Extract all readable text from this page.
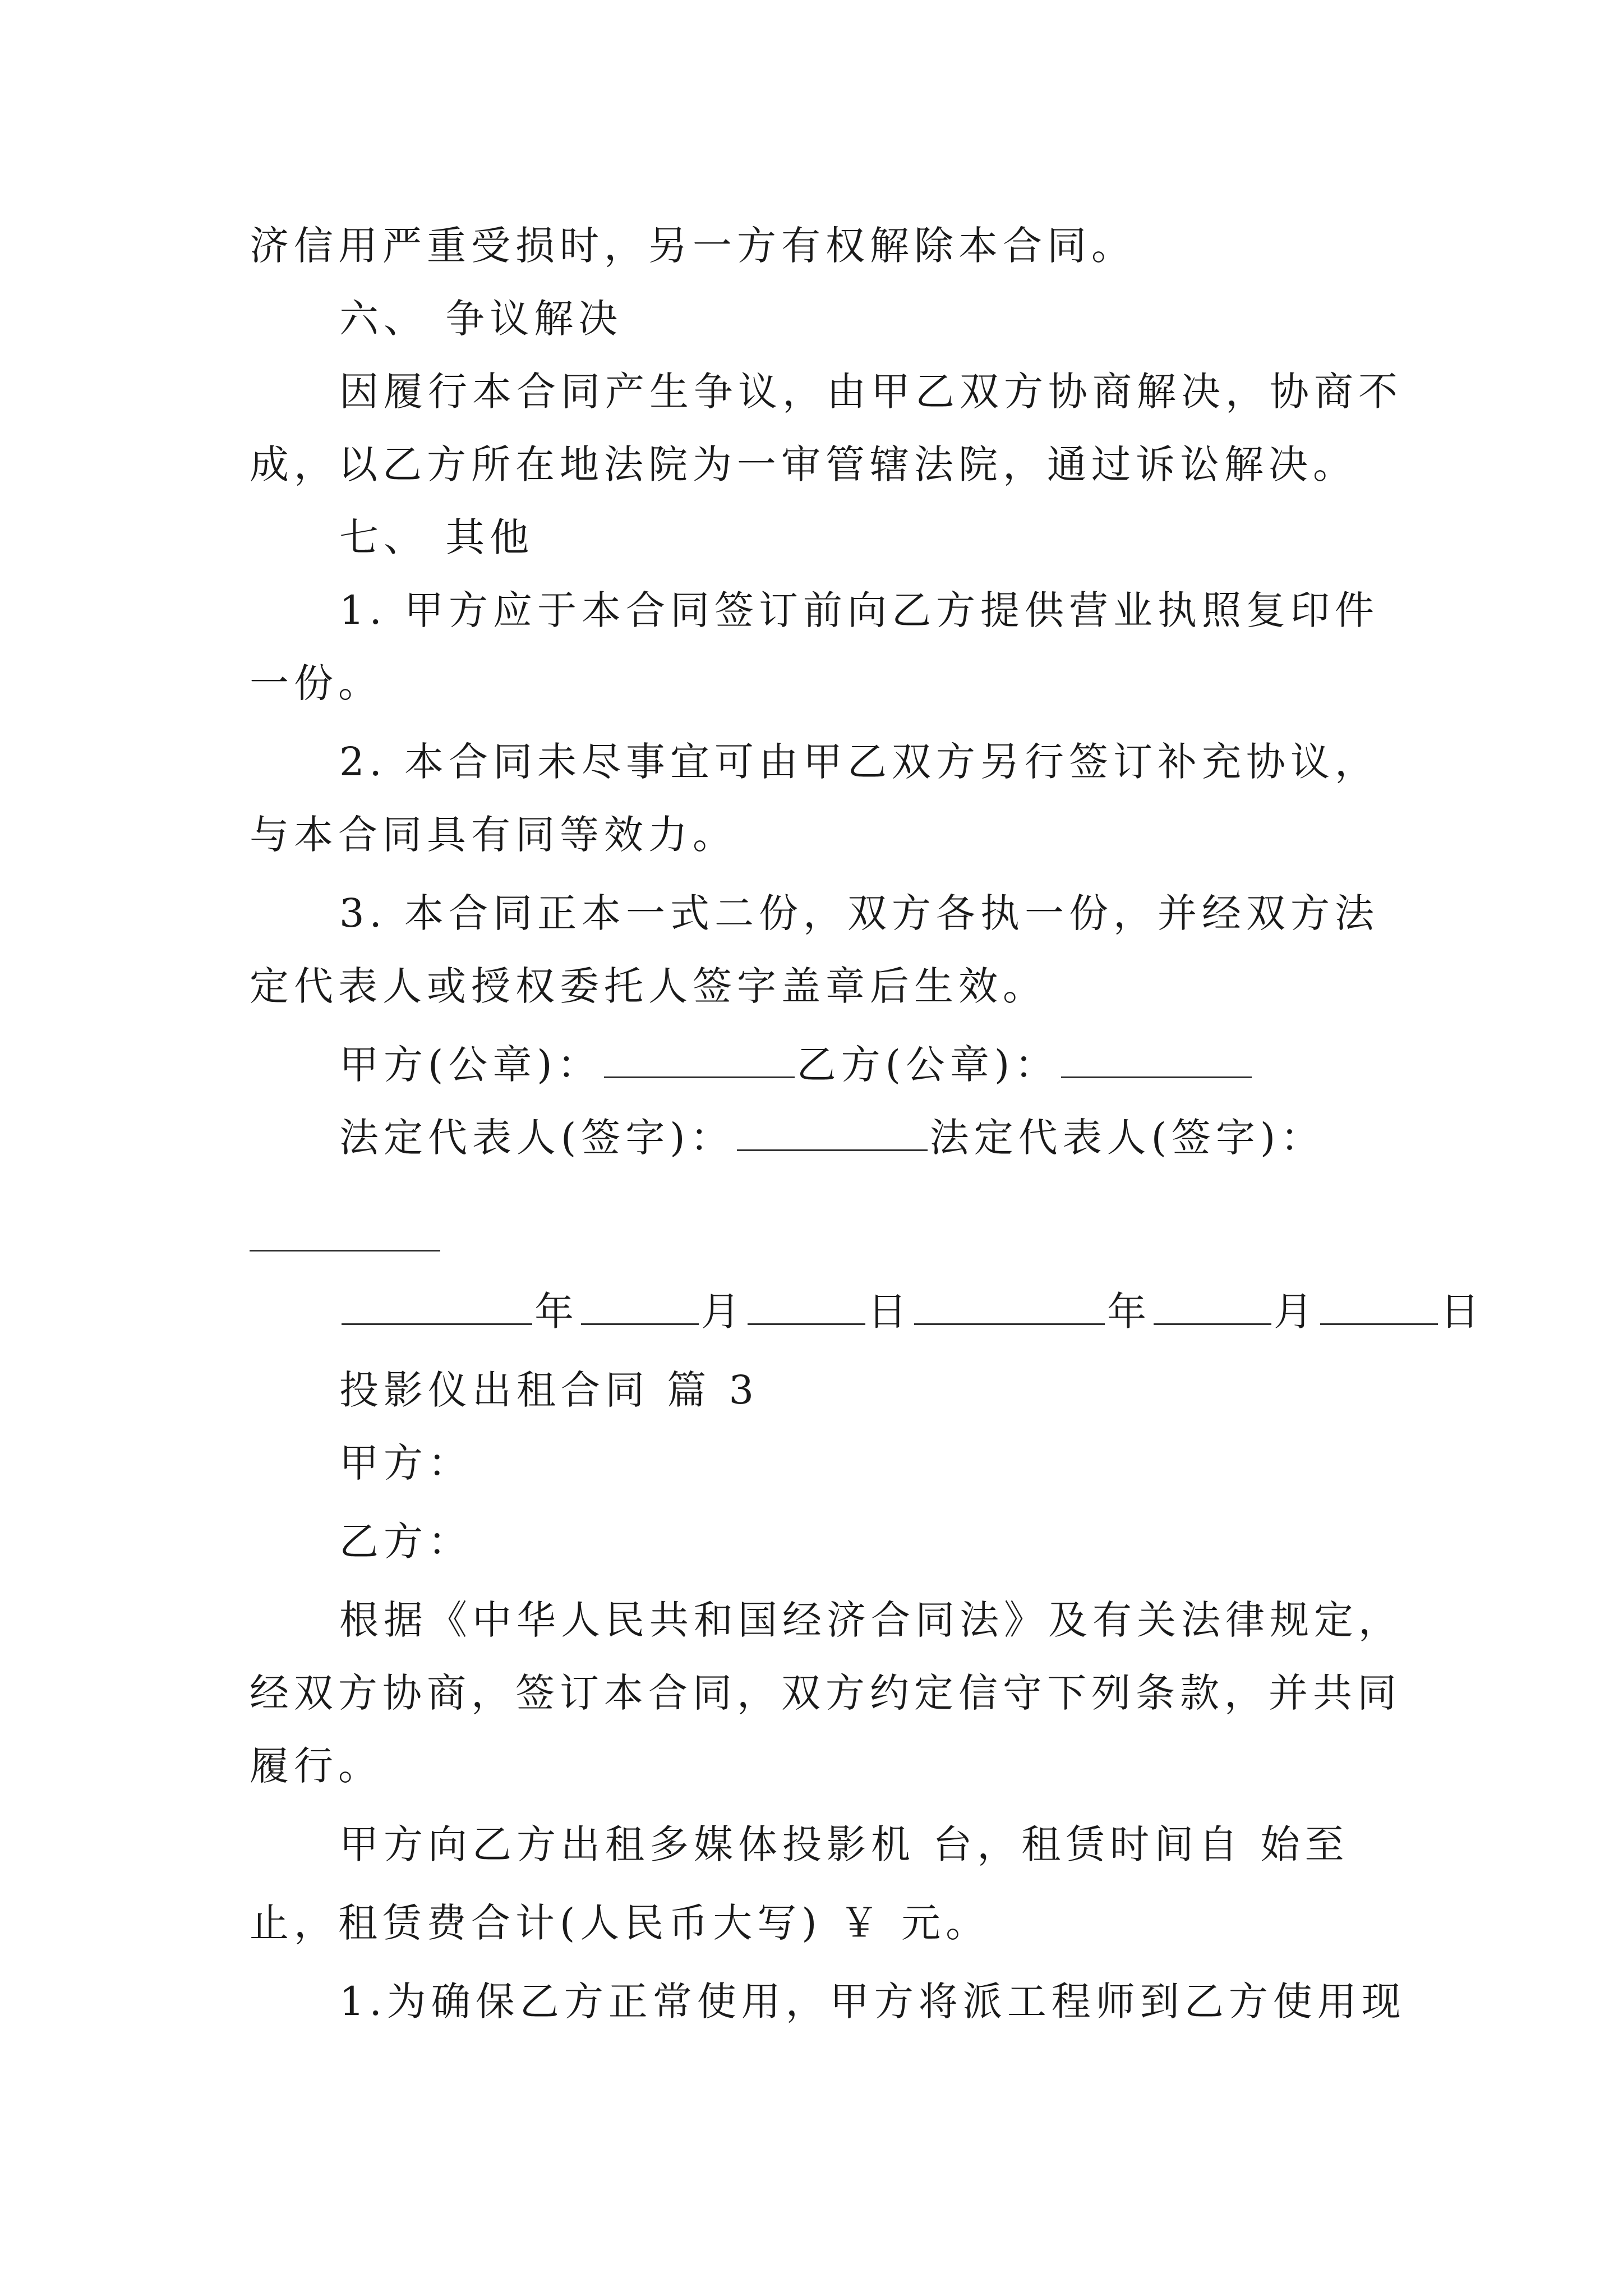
济信用严重受损时，另一方有权解除本合同。
六、 争议解决
因履行本合同产生争议，由甲乙双方协商解决，协商不
成，以乙方所在地法院为一审管辖法院，通过诉讼解决。
七、 其他
1. 甲方应于本合同签订前向乙方提供营业执照复印件
一份。
2. 本合同未尽事宜可由甲乙双方另行签订补充协议，
与本合同具有同等效力。
3. 本合同正本一式二份，双方各执一份，并经双方法
定代表人或授权委托人签字盖章后生效。
甲方(公章)：	乙方(公章)：
法定代表人(签字)：	法定代表人(签字)：
年	月	日	年	月	日
投影仪出租合同 篇 3
甲方：
乙方：
根据《中华人民共和国经济合同法》及有关法律规定，
经双方协商，签订本合同，双方约定信守下列条款，并共同
履行。
甲方向乙方出租多媒体投影机 台，租赁时间自 始至
止，租赁费合计(人民币大写) ￥ 元。
1.为确保乙方正常使用，甲方将派工程师到乙方使用现
